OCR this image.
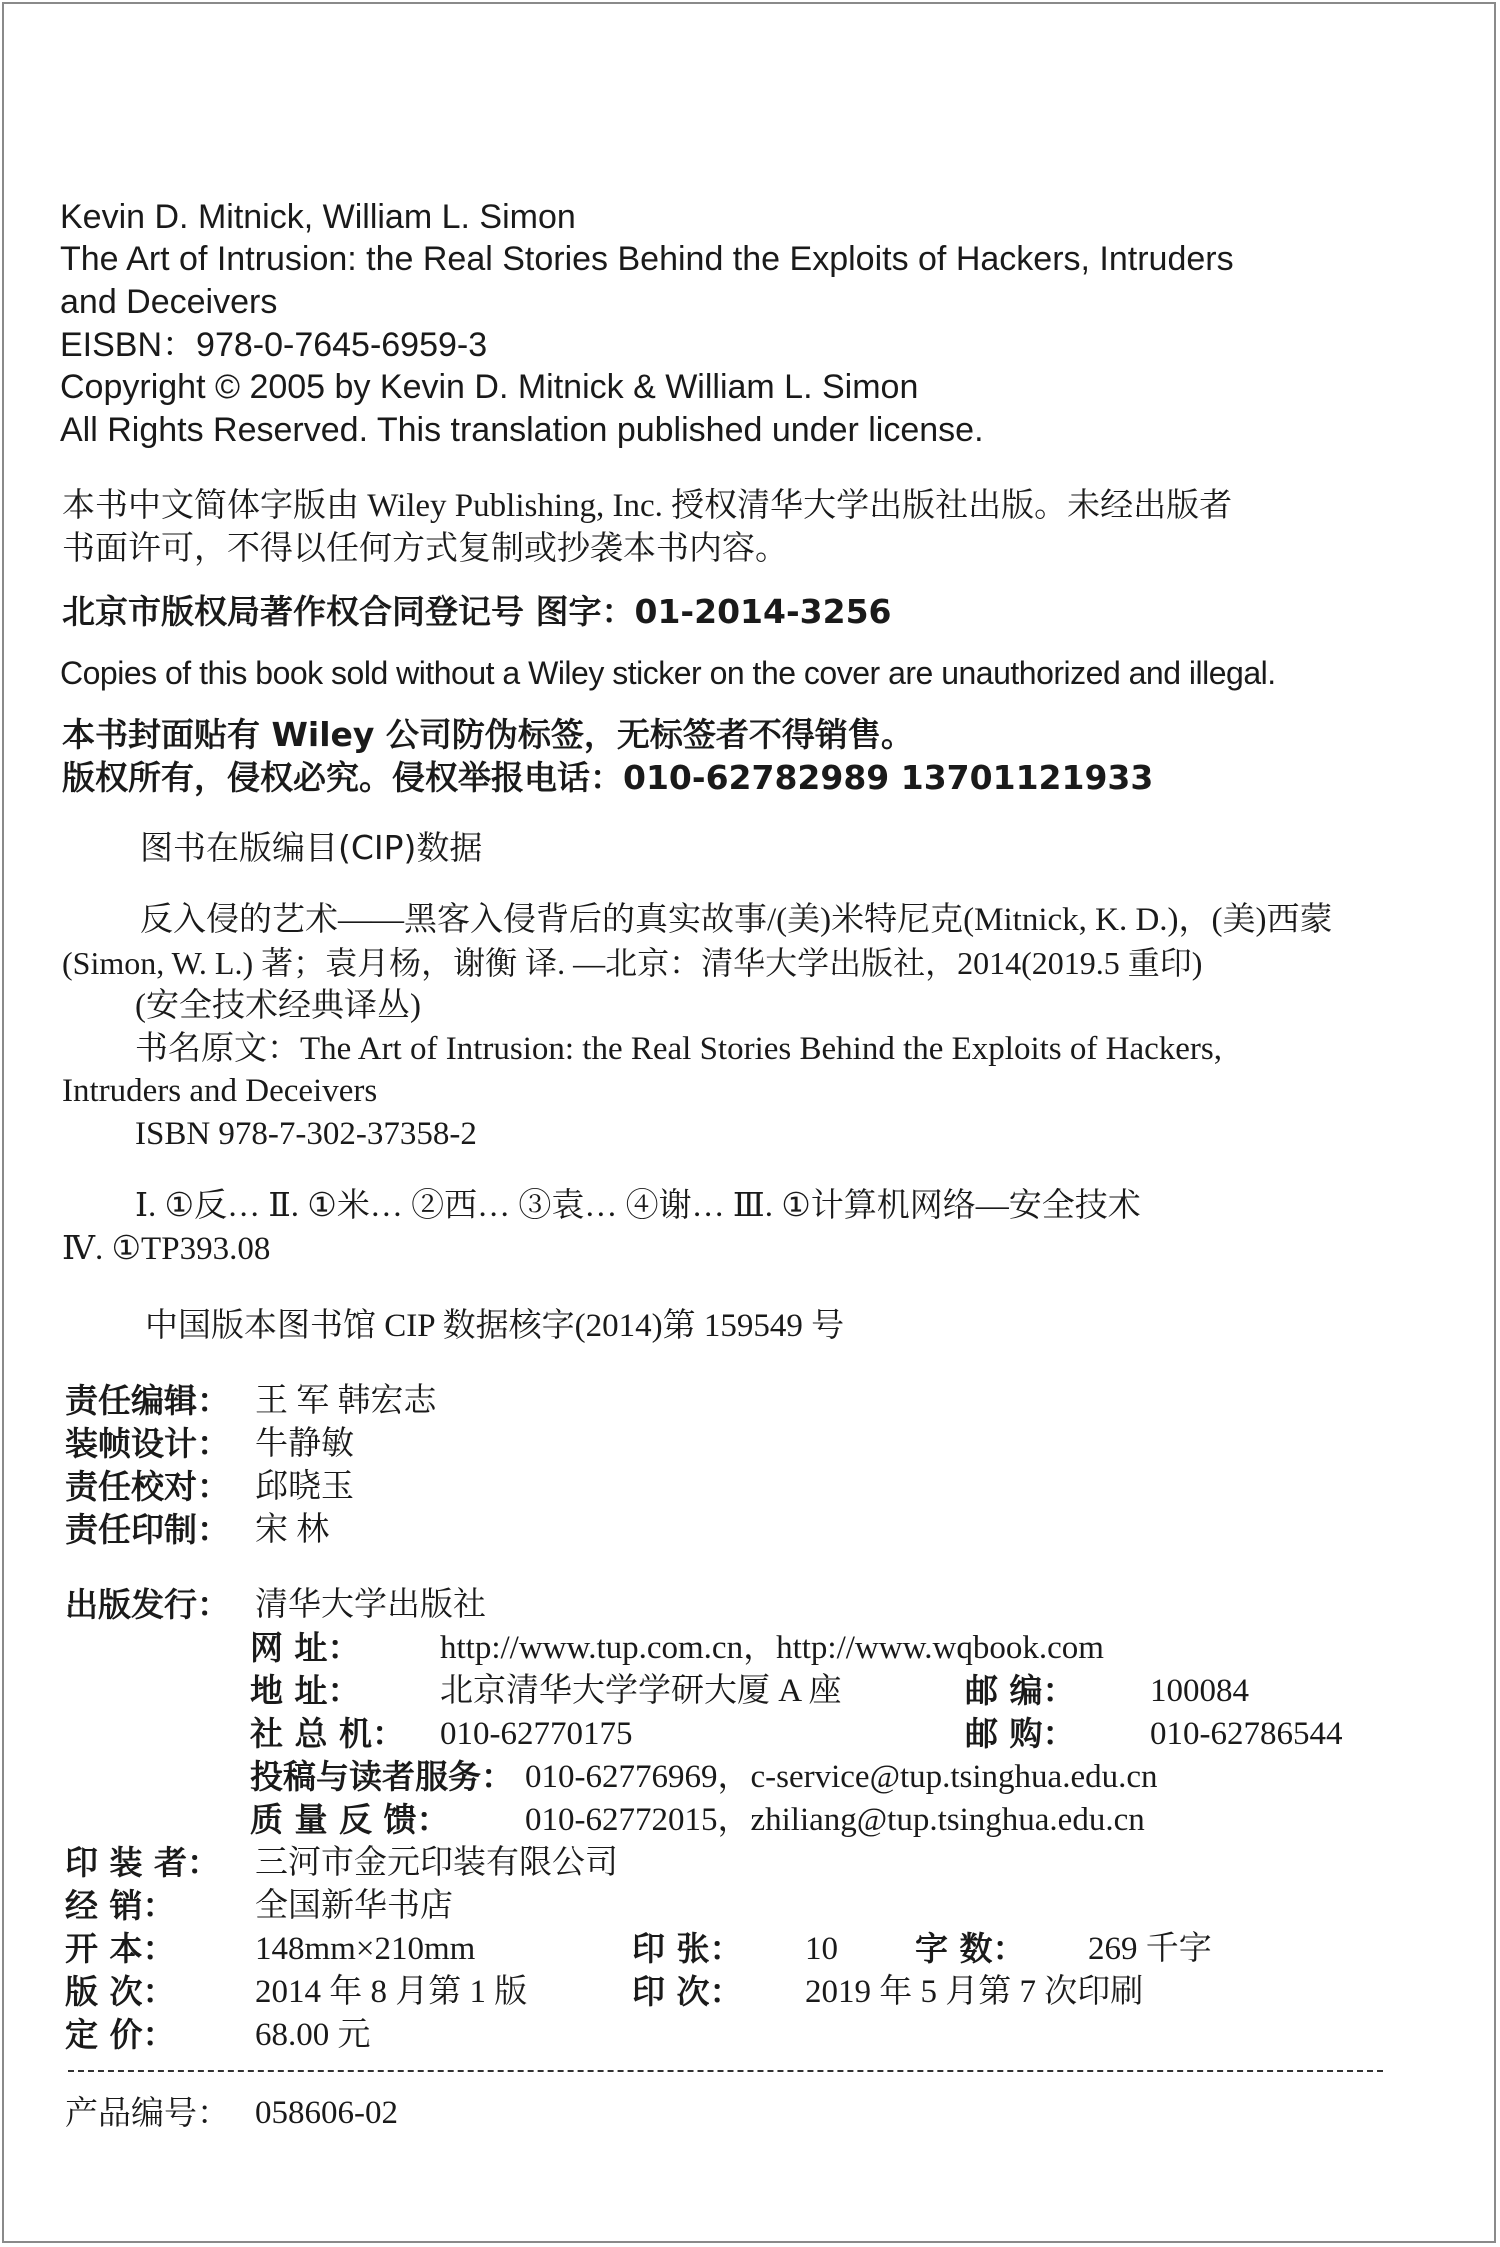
Kevin D. Mitnick, William L. Simon
The Art of Intrusion: the Real Stories Behind the Exploits of Hackers, Intruders
and Deceivers
EISBN：978-0-7645-6959-3
Copyright © 2005 by Kevin D. Mitnick & William L. Simon
All Rights Reserved. This translation published under license.
本书中文简体字版由 Wiley Publishing, Inc. 授权清华大学出版社出版。未经出版者
书面许可，不得以任何方式复制或抄袭本书内容。
北京市版权局著作权合同登记号 图字：01-2014-3256
Copies of this book sold without a Wiley sticker on the cover are unauthorized and illegal.
本书封面贴有 Wiley 公司防伪标签，无标签者不得销售。
版权所有，侵权必究。侵权举报电话：010-62782989 13701121933
图书在版编目(CIP)数据
反入侵的艺术——黑客入侵背后的真实故事/(美)米特尼克(Mitnick, K. D.)，(美)西蒙
(Simon, W. L.) 著；袁月杨，谢衡 译. —北京：清华大学出版社，2014(2019.5 重印)
(安全技术经典译丛)
书名原文：The Art of Intrusion: the Real Stories Behind the Exploits of Hackers,
Intruders and Deceivers
ISBN 978-7-302-37358-2
Ⅰ. ①反… Ⅱ. ①米… ②西… ③袁… ④谢… Ⅲ. ①计算机网络—安全技术
Ⅳ. ①TP393.08
中国版本图书馆 CIP 数据核字(2014)第 159549 号
责任编辑： 王 军 韩宏志
装帧设计： 牛静敏
责任校对： 邱晓玉
责任印制： 宋 林
出版发行： 清华大学出版社
网 址： http://www.tup.com.cn，http://www.wqbook.com
地 址： 北京清华大学学研大厦 A 座	邮 编： 100084
社 总 机： 010-62770175	邮 购： 010-62786544
投稿与读者服务： 010-62776969，c-service@tup.tsinghua.edu.cn
质 量 反 馈： 010-62772015，zhiliang@tup.tsinghua.edu.cn
印 装 者： 三河市金元印装有限公司
经 销： 全国新华书店
开 本： 148mm×210mm	印 张： 10 字 数： 269 千字
版 次： 2014 年 8 月第 1 版	印 次： 2019 年 5 月第 7 次印刷
定 价： 68.00 元
产品编号： 058606-02
